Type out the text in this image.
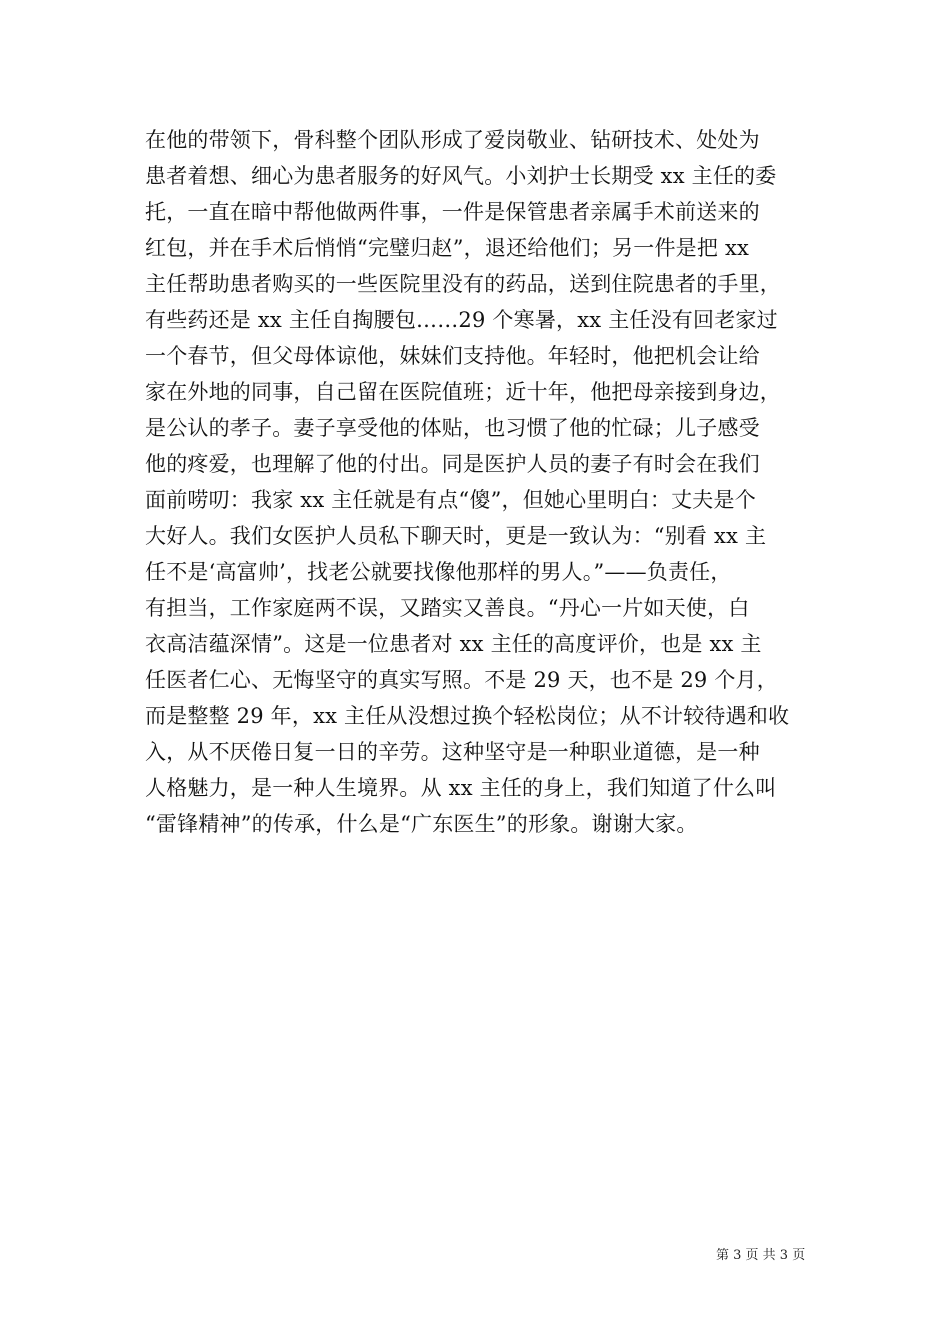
在他的带领下，骨科整个团队形成了爱岗敬业、钻研技术、处处为
患者着想、细心为患者服务的好风气。小刘护士长期受 xx 主任的委
托，一直在暗中帮他做两件事，一件是保管患者亲属手术前送来的
红包，并在手术后悄悄“完璧归赵”，退还给他们；另一件是把 xx
主任帮助患者购买的一些医院里没有的药品，送到住院患者的手里，
有些药还是 xx 主任自掏腰包……29 个寒暑，xx 主任没有回老家过
一个春节，但父母体谅他，妹妹们支持他。年轻时，他把机会让给
家在外地的同事，自己留在医院值班；近十年，他把母亲接到身边，
是公认的孝子。妻子享受他的体贴，也习惯了他的忙碌；儿子感受
他的疼爱，也理解了他的付出。同是医护人员的妻子有时会在我们
面前唠叨：我家 xx 主任就是有点“傻”，但她心里明白：丈夫是个
大好人。我们女医护人员私下聊天时，更是一致认为：“别看 xx 主
任不是‘高富帅’，找老公就要找像他那样的男人。”——负责任，
有担当，工作家庭两不误，又踏实又善良。“丹心一片如天使，白
衣高洁蕴深情”。这是一位患者对 xx 主任的高度评价，也是 xx 主
任医者仁心、无悔坚守的真实写照。不是 29 天，也不是 29 个月，
而是整整 29 年，xx 主任从没想过换个轻松岗位；从不计较待遇和收
入，从不厌倦日复一日的辛劳。这种坚守是一种职业道德，是一种
人格魅力，是一种人生境界。从 xx 主任的身上，我们知道了什么叫
“雷锋精神”的传承，什么是“广东医生”的形象。谢谢大家。
第 3 页 共 3 页
